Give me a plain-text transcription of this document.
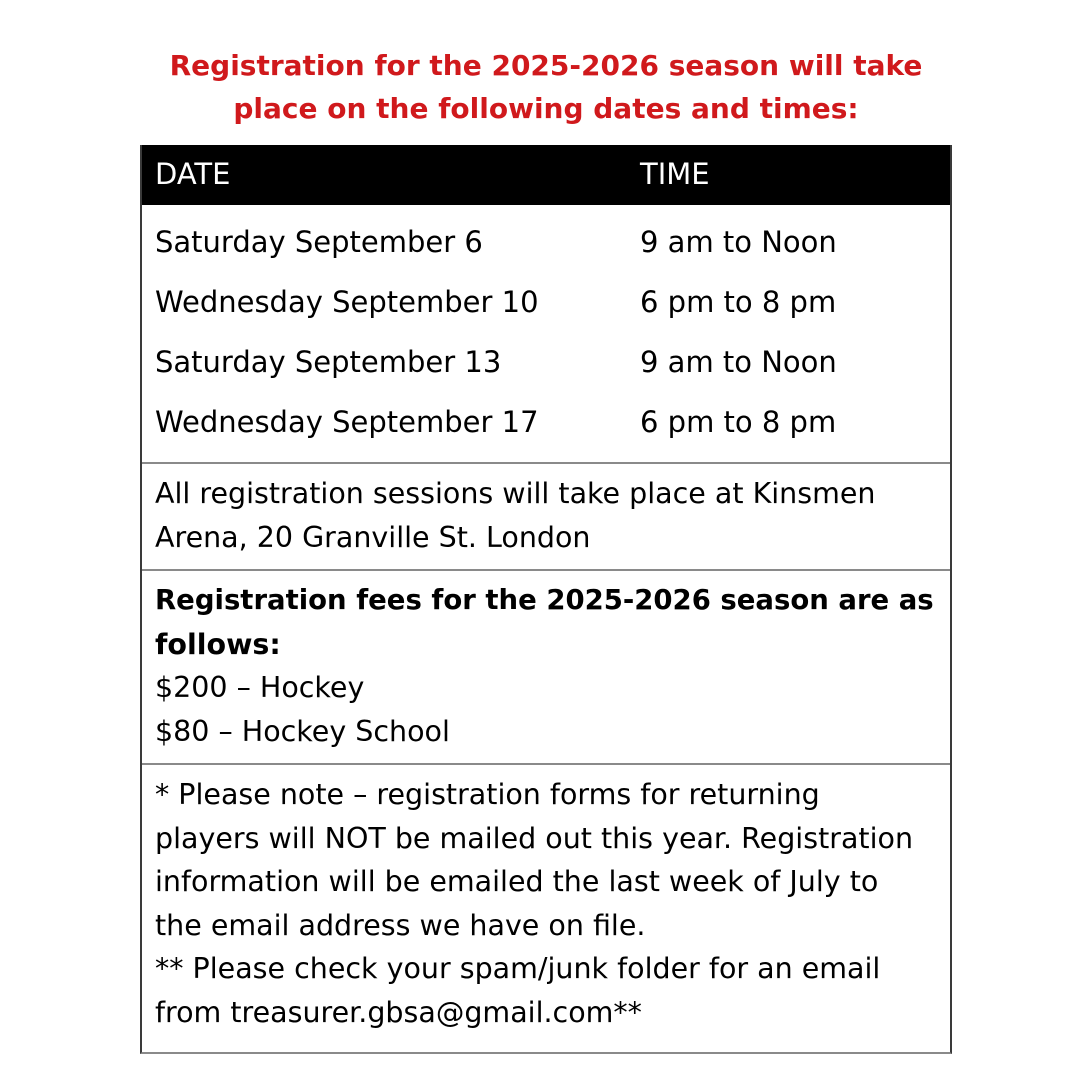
Registration for the 2025-2026 season will take
place on the following dates and times:
DATE	TIME
Saturday September 6	9 am to Noon
Wednesday September 10	6 pm to 8 pm
Saturday September 13	9 am to Noon
Wednesday September 17	6 pm to 8 pm
All registration sessions will take place at Kinsmen
Arena, 20 Granville St. London
Registration fees for the 2025-2026 season are as
follows:
$200 – Hockey
$80 – Hockey School
* Please note – registration forms for returning
players will NOT be mailed out this year. Registration
information will be emailed the last week of July to
the email address we have on file.
** Please check your spam/junk folder for an email
from treasurer.gbsa@gmail.com**
